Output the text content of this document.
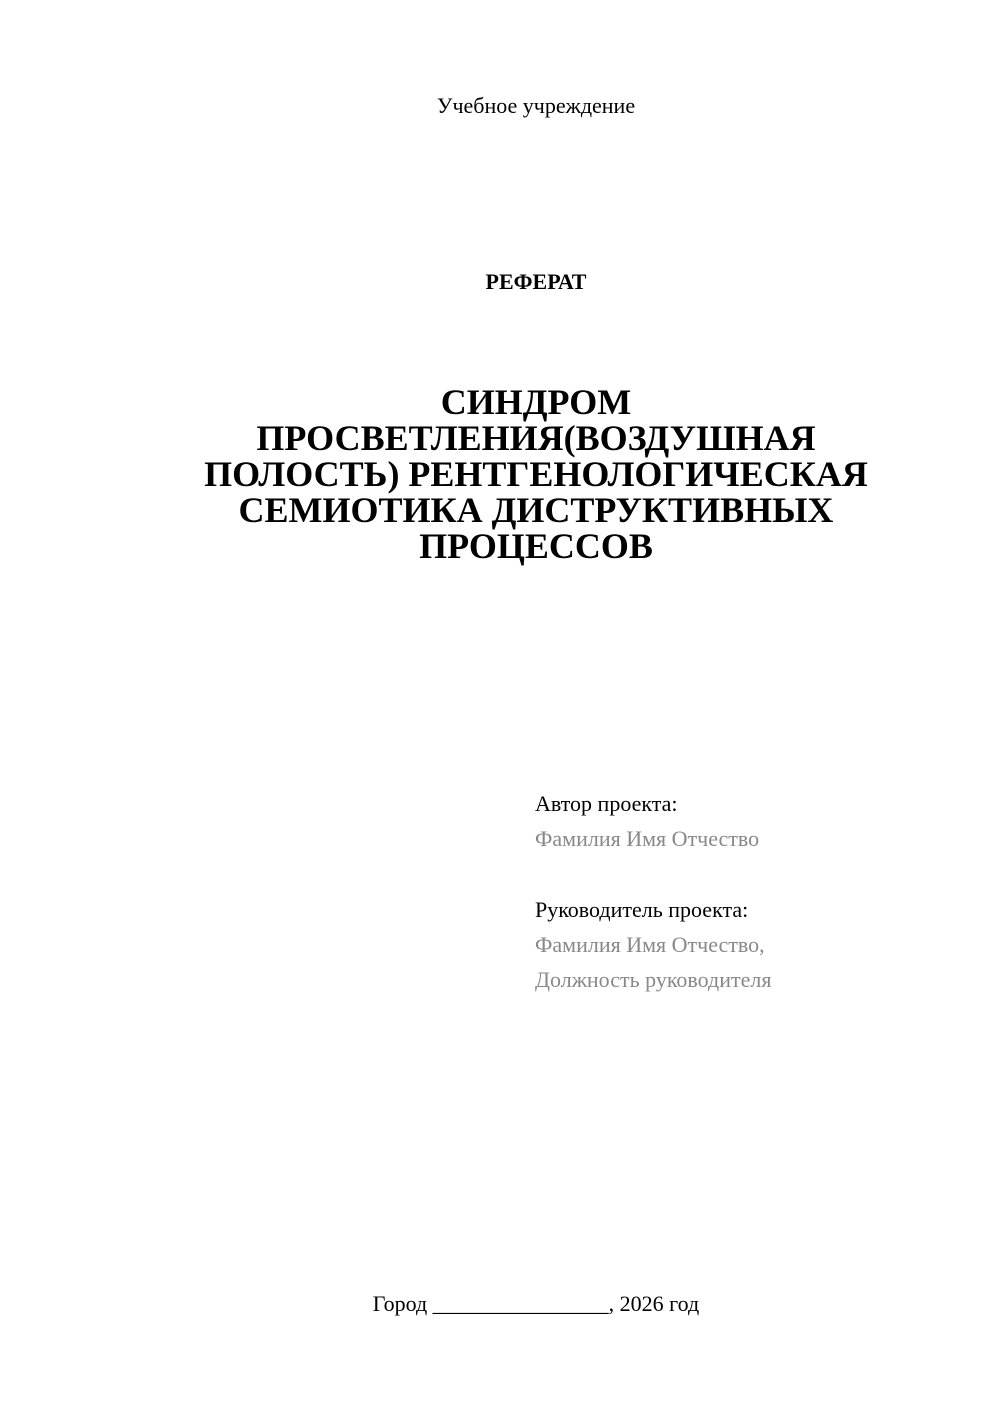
Учебное учреждение
РЕФЕРАТ
СИНДРОМ
ПРОСВЕТЛЕНИЯ(ВОЗДУШНАЯ
ПОЛОСТЬ) РЕНТГЕНОЛОГИЧЕСКАЯ
СЕМИОТИКА ДИСТРУКТИВНЫХ
ПРОЦЕССОВ
Автор проекта:
Фамилия Имя Отчество
Руководитель проекта:
Фамилия Имя Отчество,
Должность руководителя
Город ________________, 2026 год
